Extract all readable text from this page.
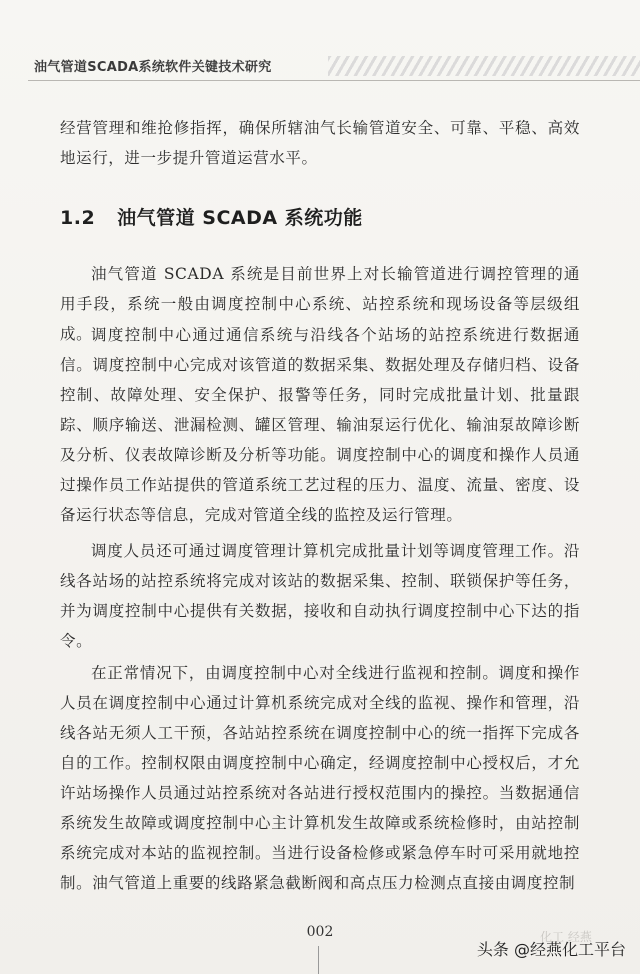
油气管道SCADA系统软件关键技术研究

经营管理和维抢修指挥，确保所辖油气长输管道安全、可靠、平稳、高效地运行，进一步提升管道运营水平。

1.2 油气管道 SCADA 系统功能

油气管道 SCADA 系统是目前世界上对长输管道进行调控管理的通用手段，系统一般由调度控制中心系统、站控系统和现场设备等层级组成。

调度控制中心通过通信系统与沿线各个站场的站控系统进行数据通信。调度控制中心完成对该管道的数据采集、数据处理及存储归档、设备控制、故障处理、安全保护、报警等任务，同时完成批量计划、批量跟踪、顺序输送、泄漏检测、罐区管理、输油泵运行优化、输油泵故障诊断及分析、仪表故障诊断及分析等功能。调度控制中心的调度和操作人员通过操作员工作站提供的管道系统工艺过程的压力、温度、流量、密度、设备运行状态等信息，完成对管道全线的监控及运行管理。

调度人员还可通过调度管理计算机完成批量计划等调度管理工作。沿线各站场的站控系统将完成对该站的数据采集、控制、联锁保护等任务，并为调度控制中心提供有关数据，接收和自动执行调度控制中心下达的指令。

在正常情况下，由调度控制中心对全线进行监视和控制。调度和操作人员在调度控制中心通过计算机系统完成对全线的监视、操作和管理，沿线各站无须人工干预，各站站控系统在调度控制中心的统一指挥下完成各自的工作。控制权限由调度控制中心确定，经调度控制中心授权后，才允许站场操作人员通过站控系统对各站进行授权范围内的操控。当数据通信系统发生故障或调度控制中心主计算机发生故障或系统检修时，由站控制系统完成对本站的监视控制。当进行设备检修或紧急停车时可采用就地控制。油气管道上重要的线路紧急截断阀和高点压力检测点直接由调度控制

002	化工 经燕
头条 @经燕化工平台
